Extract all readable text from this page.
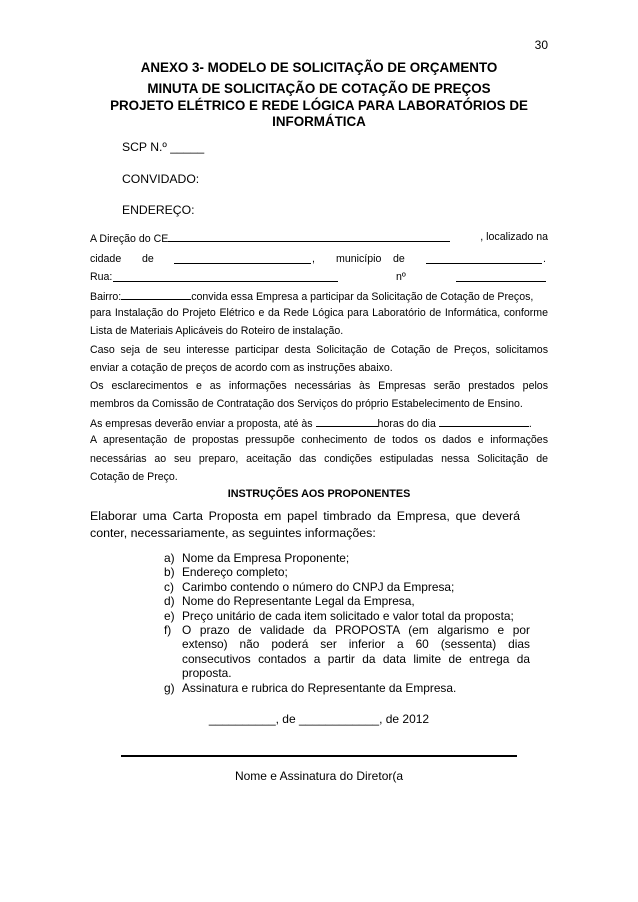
30
ANEXO 3- MODELO DE SOLICITAÇÃO DE ORÇAMENTO
MINUTA DE SOLICITAÇÃO DE COTAÇÃO DE PREÇOS
PROJETO ELÉTRICO E REDE LÓGICA PARA LABORATÓRIOS DE
INFORMÁTICA
SCP N.º _____
CONVIDADO:
ENDEREÇO:
A Direção do CE	, localizado na
cidade de	, município de	.
Rua:	nº
Bairro:	convida essa Empresa a participar da Solicitação de Cotação de Preços,
para Instalação do Projeto Elétrico e da Rede Lógica para Laboratório de Informática, conforme
Lista de Materiais Aplicáveis do Roteiro de instalação.
Caso seja de seu interesse participar desta Solicitação de Cotação de Preços, solicitamos
enviar a cotação de preços de acordo com as instruções abaixo.
Os esclarecimentos e as informações necessárias às Empresas serão prestados pelos
membros da Comissão de Contratação dos Serviços do próprio Estabelecimento de Ensino.
As empresas deverão enviar a proposta, até às	horas do dia	.
A apresentação de propostas pressupõe conhecimento de todos os dados e informações
necessárias ao seu preparo, aceitação das condições estipuladas nessa Solicitação de
Cotação de Preço.
INSTRUÇÕES AOS PROPONENTES
Elaborar uma Carta Proposta em papel timbrado da Empresa, que deverá conter, necessariamente, as seguintes informações:
a) Nome da Empresa Proponente;
b) Endereço completo;
c) Carimbo contendo o número do CNPJ da Empresa;
d) Nome do Representante Legal da Empresa,
e) Preço unitário de cada item solicitado e valor total da proposta;
f) O prazo de validade da PROPOSTA (em algarismo e por extenso) não poderá ser inferior a 60 (sessenta) dias consecutivos contados a partir da data limite de entrega da proposta.
g) Assinatura e rubrica do Representante da Empresa.
__________, de ____________, de 2012
Nome e Assinatura do Diretor(a
